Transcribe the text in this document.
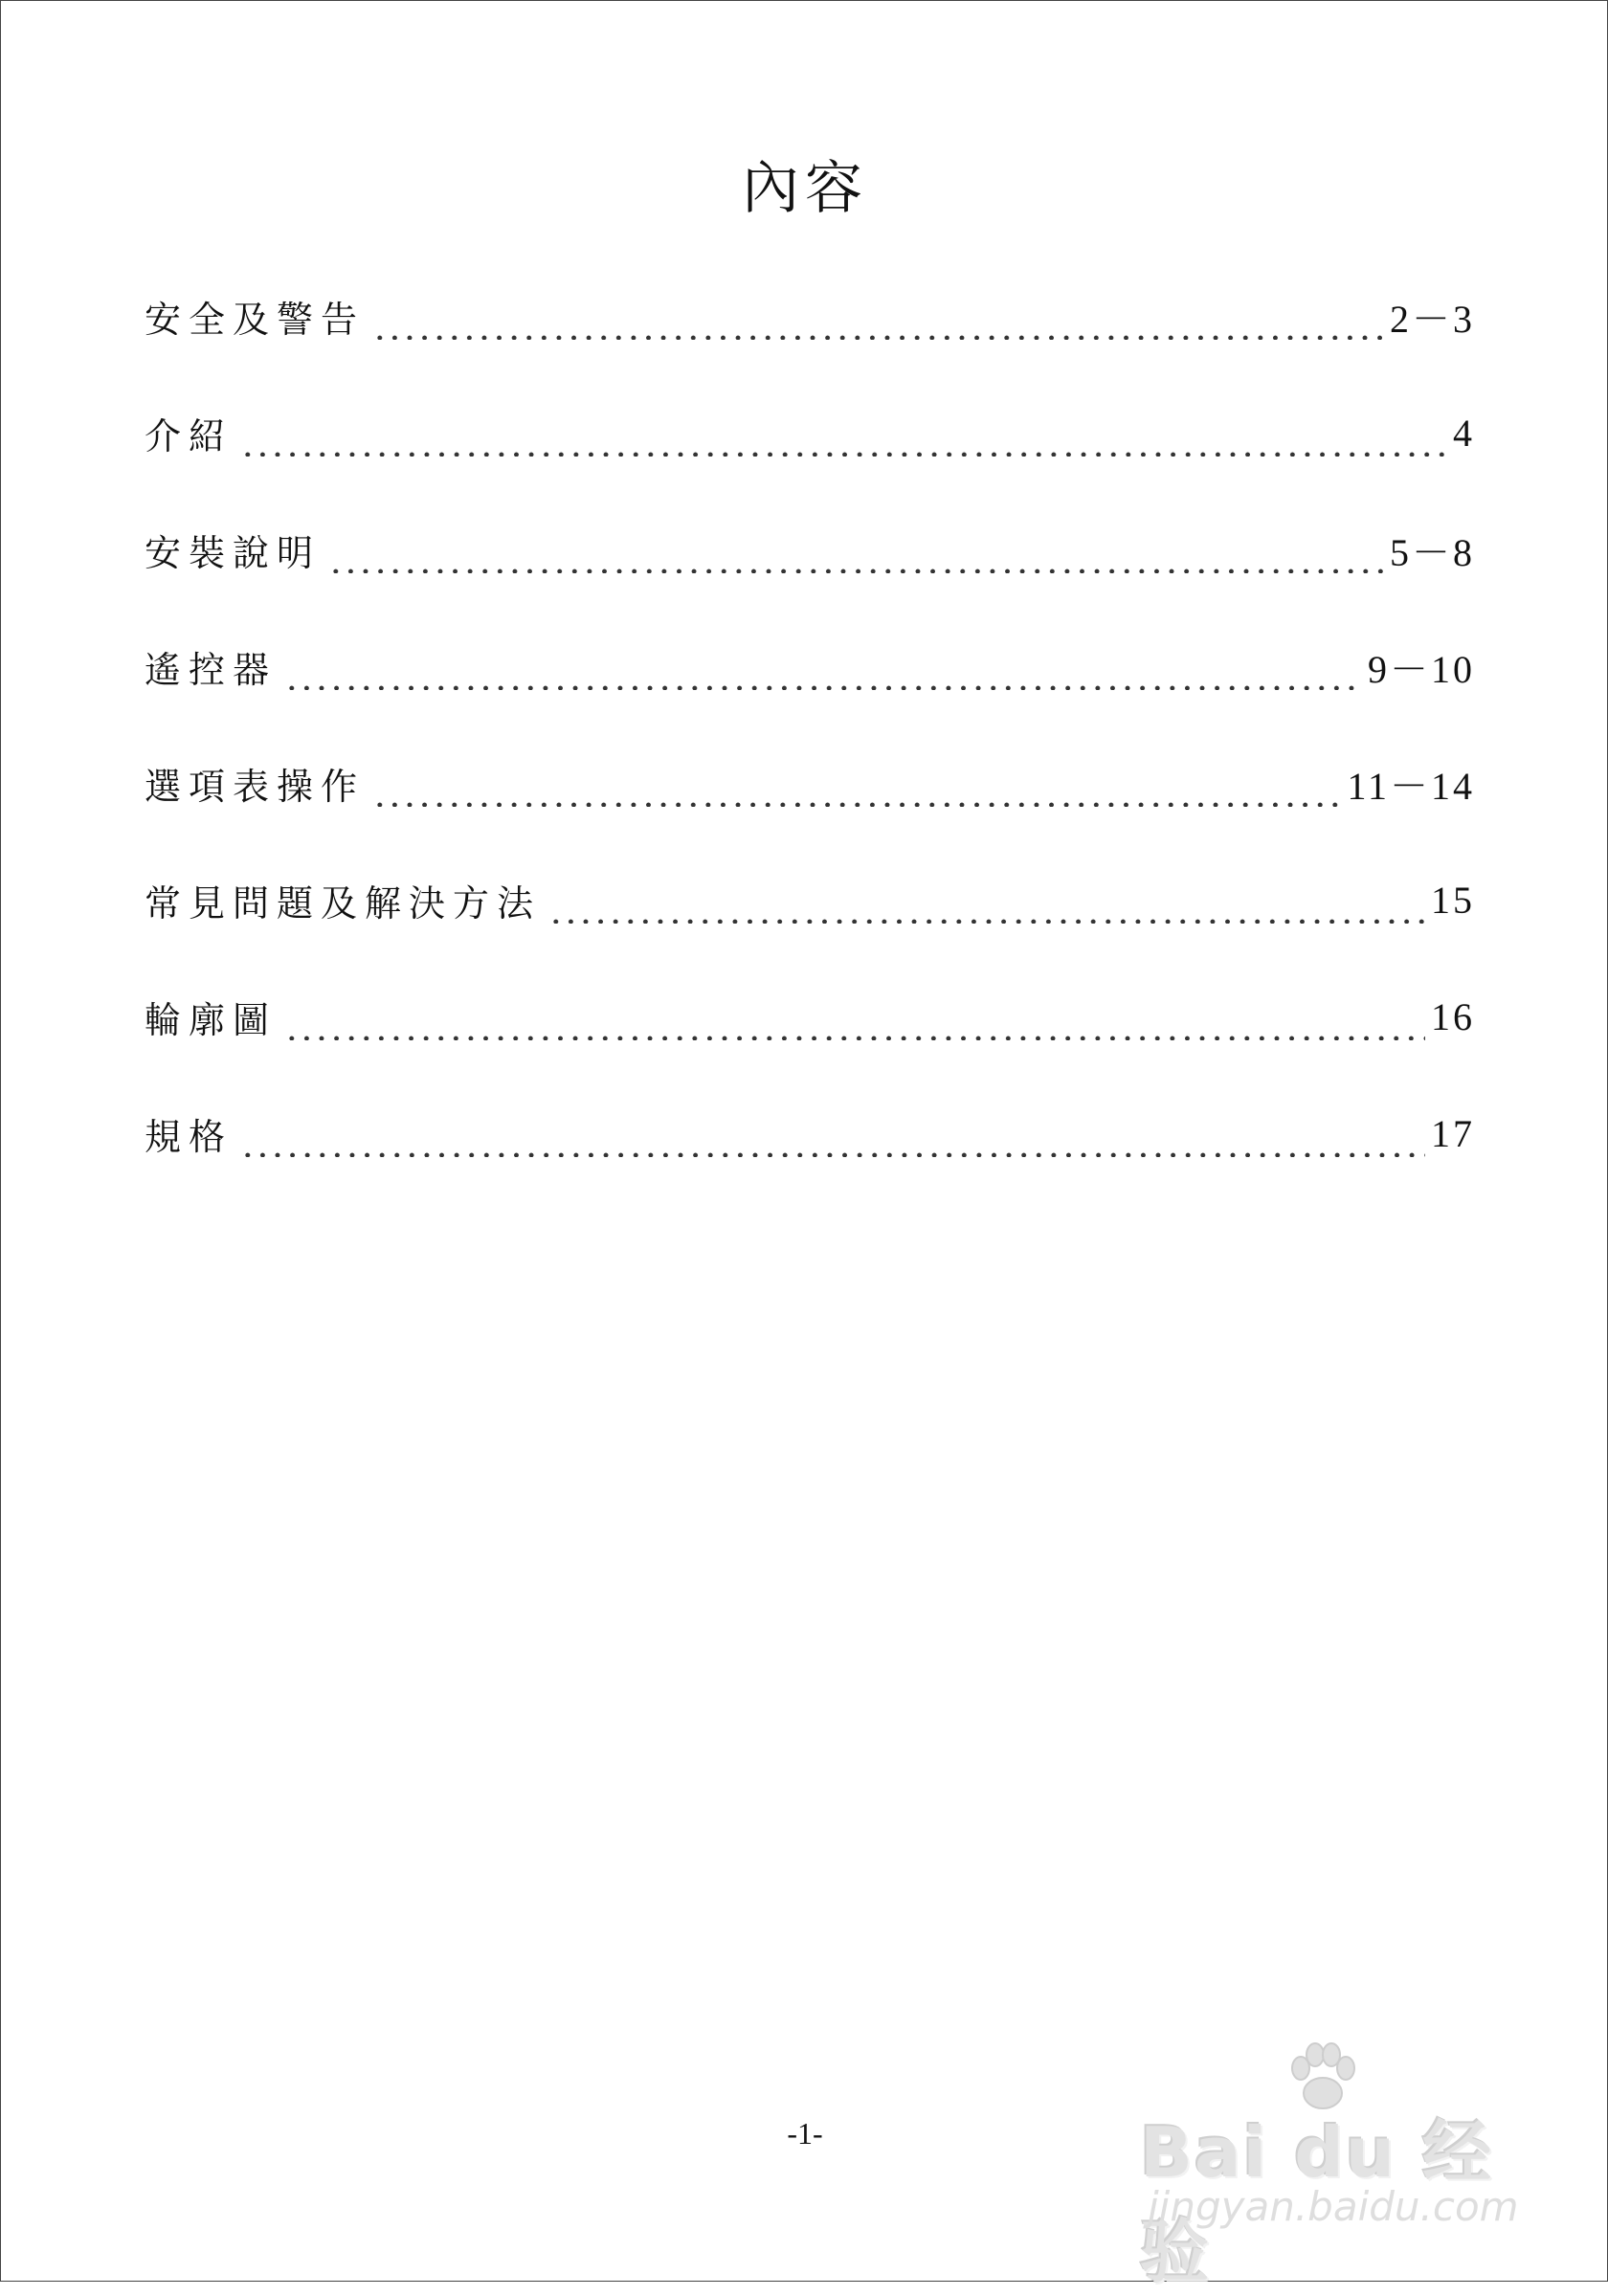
內容
安全及警告	2－3
介紹	4
安裝說明	5－8
遙控器	9－10
選項表操作	11－14
常見問題及解決方法	15
輪廓圖	16
規格	17
-1-	Bai du 经验
jingyan.baidu.com
